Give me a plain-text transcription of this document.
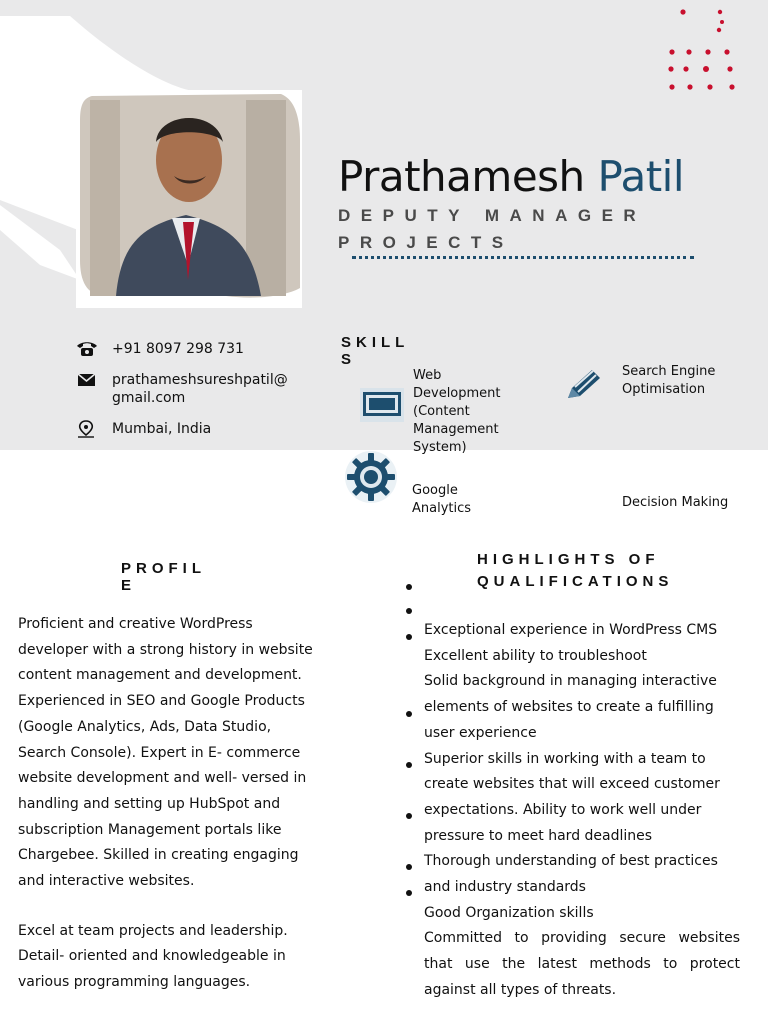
Prathamesh Patil
DEPUTY MANAGER
PROJECTS
+91 8097 298 731
prathameshsureshpatil@
gmail.com
Mumbai, India
SKILL
S
Web Development (Content Management System)
Search Engine Optimisation
Google Analytics	Decision Making
PROFIL
E

Proficient and creative WordPress developer with a strong history in website content management and development. Experienced in SEO and Google Products (Google Analytics, Ads, Data Studio, Search Console). Expert in E- commerce website development and well- versed in handling and setting up HubSpot and subscription Management portals like Chargebee. Skilled in creating engaging and interactive websites.

Excel at team projects and leadership. Detail- oriented and knowledgeable in various programming languages.

HIGHLIGHTS OF
QUALIFICATIONS
Exceptional experience in WordPress CMS
Excellent ability to troubleshoot
Solid background in managing interactive elements of websites to create a fulfilling user experience
Superior skills in working with a team to create websites that will exceed customer expectations. Ability to work well under pressure to meet hard deadlines
Thorough understanding of best practices and industry standards
Good Organization skills
Committed to providing secure websites that use the latest methods to protect against all types of threats.
